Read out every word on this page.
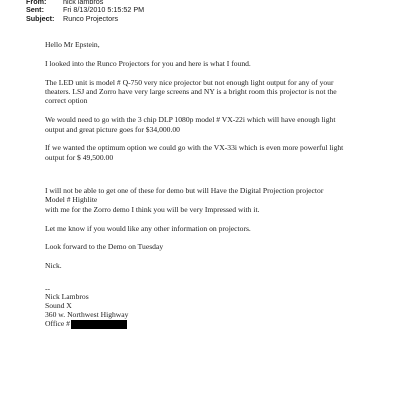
From:	nick lambros
Sent:	Fri 8/13/2010 5:15:52 PM
Subject:	Runco Projectors
Hello Mr Epstein,
I looked into the Runco Projectors for you and here is what I found.
The LED unit is model # Q-750 very nice projector but not enough light output for any of your
theaters. LSJ and Zorro have very large screens and NY is a bright room this projector is not the
correct option
We would need to go with the 3 chip DLP 1080p model # VX-22i which will have enough light
output and great picture goes for $34,000.00
If we wanted the optimum option we could go with the VX-33i which is even more powerful light
output for $ 49,500.00
I will not be able to get one of these for demo but will Have the Digital Projection projector
Model # Highlite
with me for the Zorro demo I think you will be very Impressed with it.
Let me know if you would like any other information on projectors.
Look forward to the Demo on Tuesday
Nick.
--
Nick Lambros
Sound X
360 w. Northwest Highway
Office #
